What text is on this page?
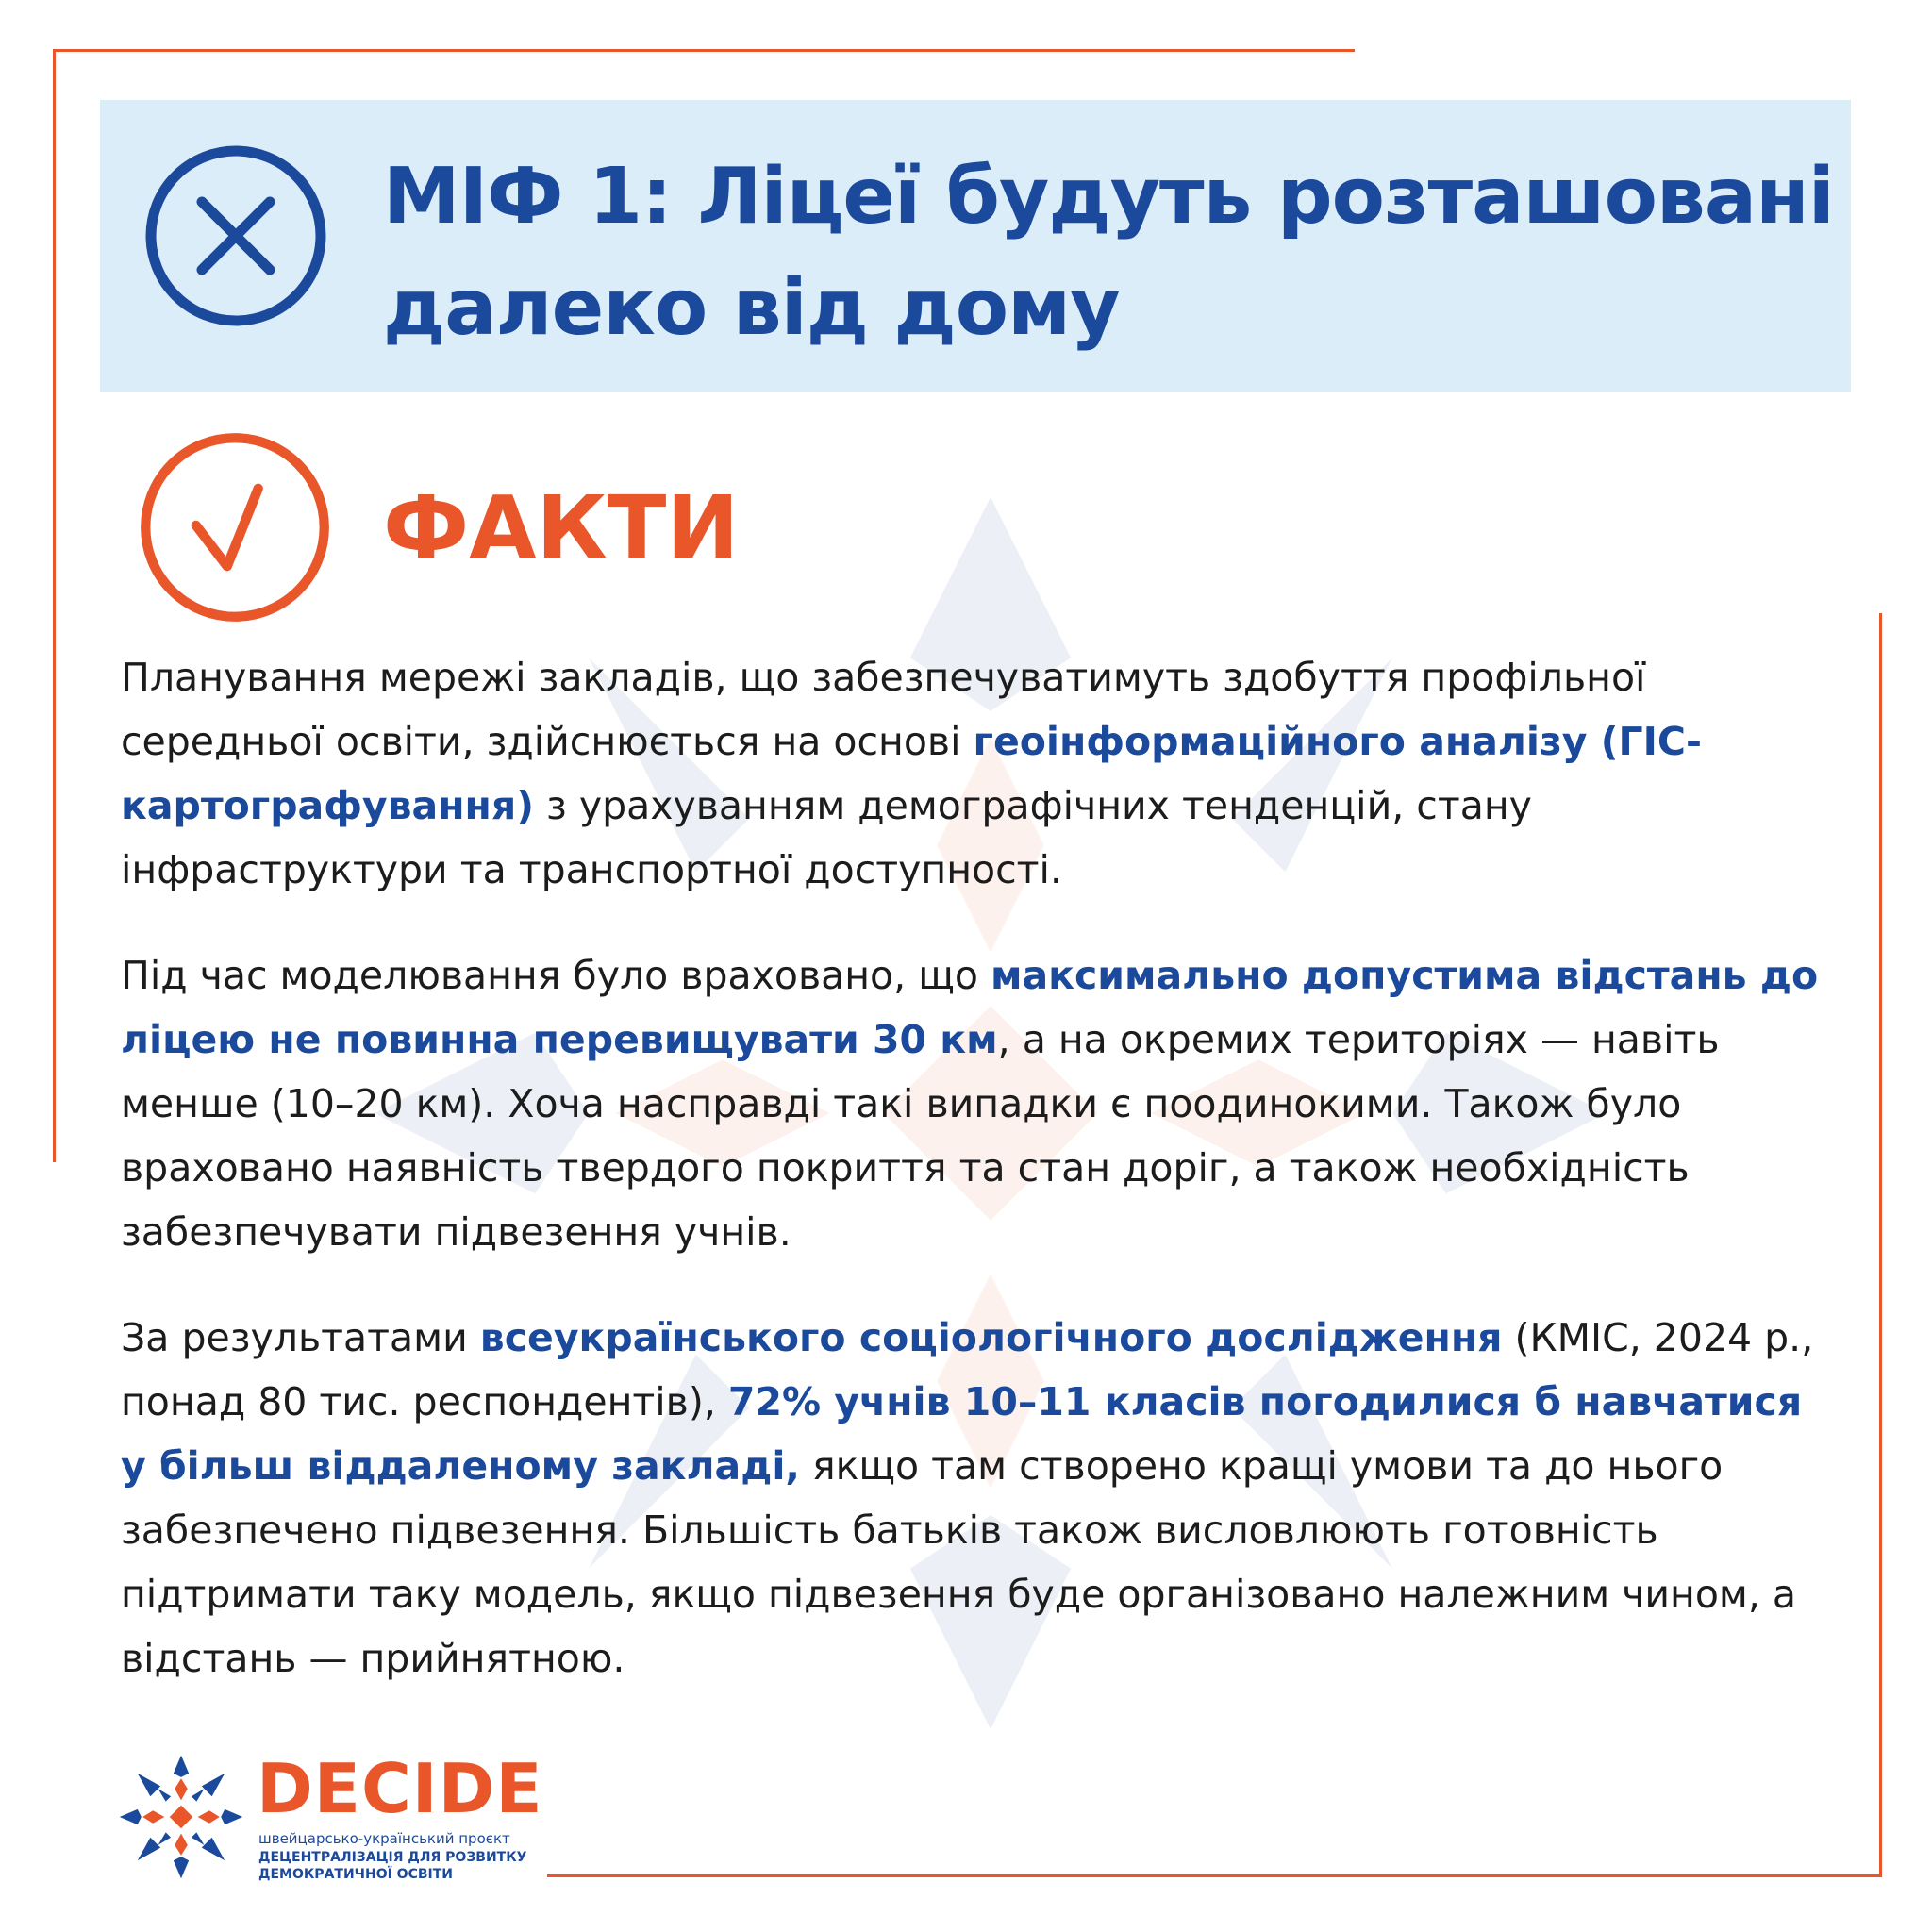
МІФ 1: Ліцеї будуть розташовані далеко від дому
ФАКТИ

Планування мережі закладів, що забезпечуватимуть здобуття профільної середньої освіти, здійснюється на основі геоінформаційного аналізу (ГІС-картографування) з урахуванням демографічних тенденцій, стану інфраструктури та транспортної доступності.

Під час моделювання було враховано, що максимально допустима відстань до ліцею не повинна перевищувати 30 км, а на окремих територіях — навіть менше (10–20 км). Хоча насправді такі випадки є поодинокими. Також було враховано наявність твердого покриття та стан доріг, а також необхідність забезпечувати підвезення учнів.

За результатами всеукраїнського соціологічного дослідження (КМІС, 2024 р., понад 80 тис. респондентів), 72% учнів 10–11 класів погодилися б навчатися у більш віддаленому закладі, якщо там створено кращі умови та до нього забезпечено підвезення. Більшість батьків також висловлюють готовність підтримати таку модель, якщо підвезення буде організовано належним чином, а відстань — прийнятною.

DECIDE

швейцарсько-український проєкт

ДЕЦЕНТРАЛІЗАЦІЯ ДЛЯ РОЗВИТКУ
ДЕМОКРАТИЧНОЇ ОСВІТИ
